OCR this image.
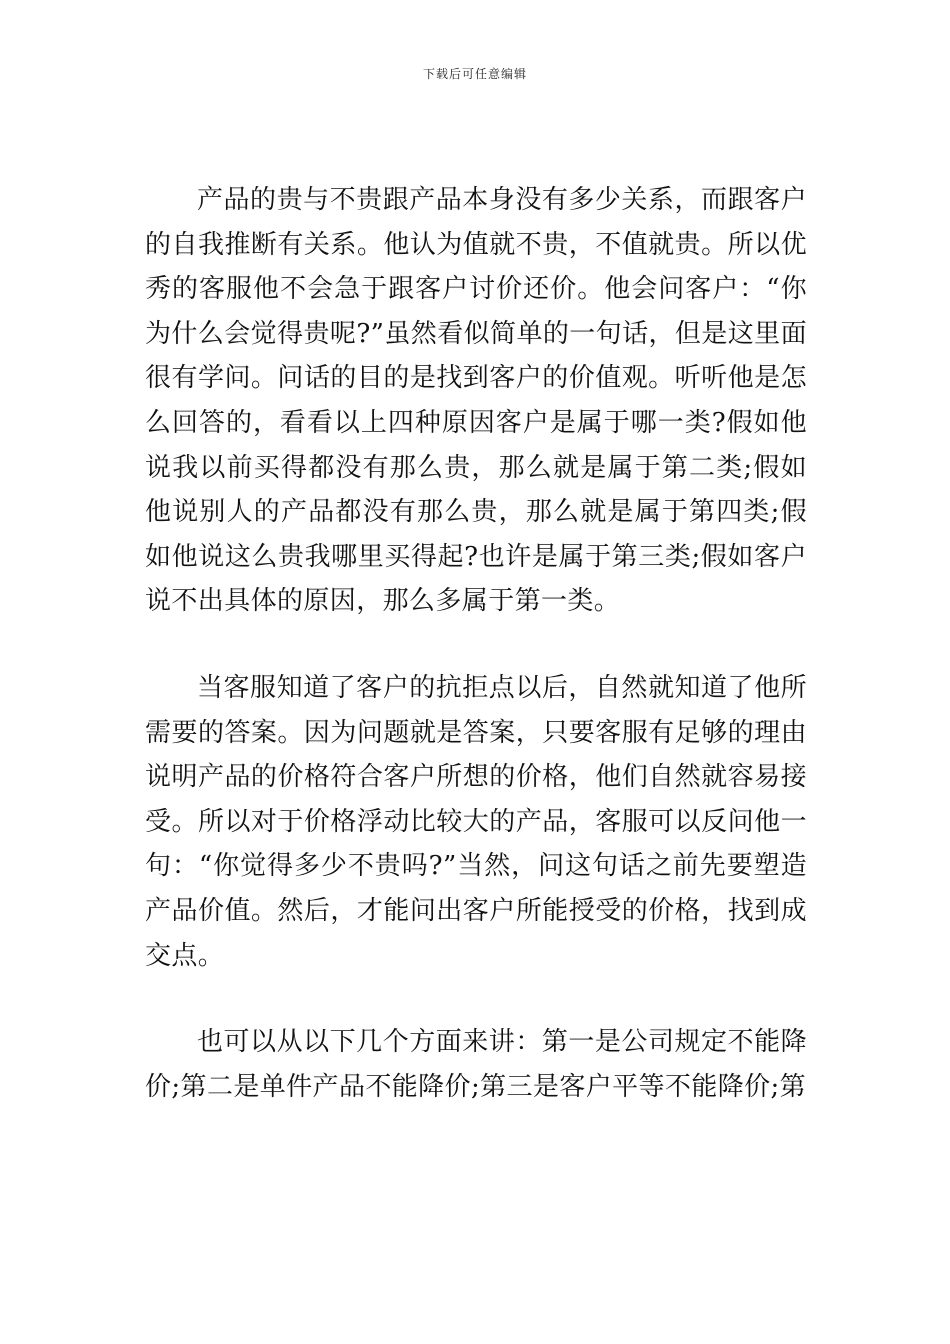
下载后可任意编辑

产品的贵与不贵跟产品本身没有多少关系，而跟客户的自我推断有关系。他认为值就不贵，不值就贵。所以优秀的客服他不会急于跟客户讨价还价。他会问客户：“你为什么会觉得贵呢?”虽然看似简单的一句话，但是这里面很有学问。问话的目的是找到客户的价值观。听听他是怎么回答的，看看以上四种原因客户是属于哪一类?假如他说我以前买得都没有那么贵，那么就是属于第二类;假如他说别人的产品都没有那么贵，那么就是属于第四类;假如他说这么贵我哪里买得起?也许是属于第三类;假如客户说不出具体的原因，那么多属于第一类。

当客服知道了客户的抗拒点以后，自然就知道了他所需要的答案。因为问题就是答案，只要客服有足够的理由说明产品的价格符合客户所想的价格，他们自然就容易接受。所以对于价格浮动比较大的产品，客服可以反问他一句：“你觉得多少不贵吗?”当然，问这句话之前先要塑造产品价值。然后，才能问出客户所能授受的价格，找到成交点。

也可以从以下几个方面来讲：第一是公司规定不能降价;第二是单件产品不能降价;第三是客户平等不能降价;第
